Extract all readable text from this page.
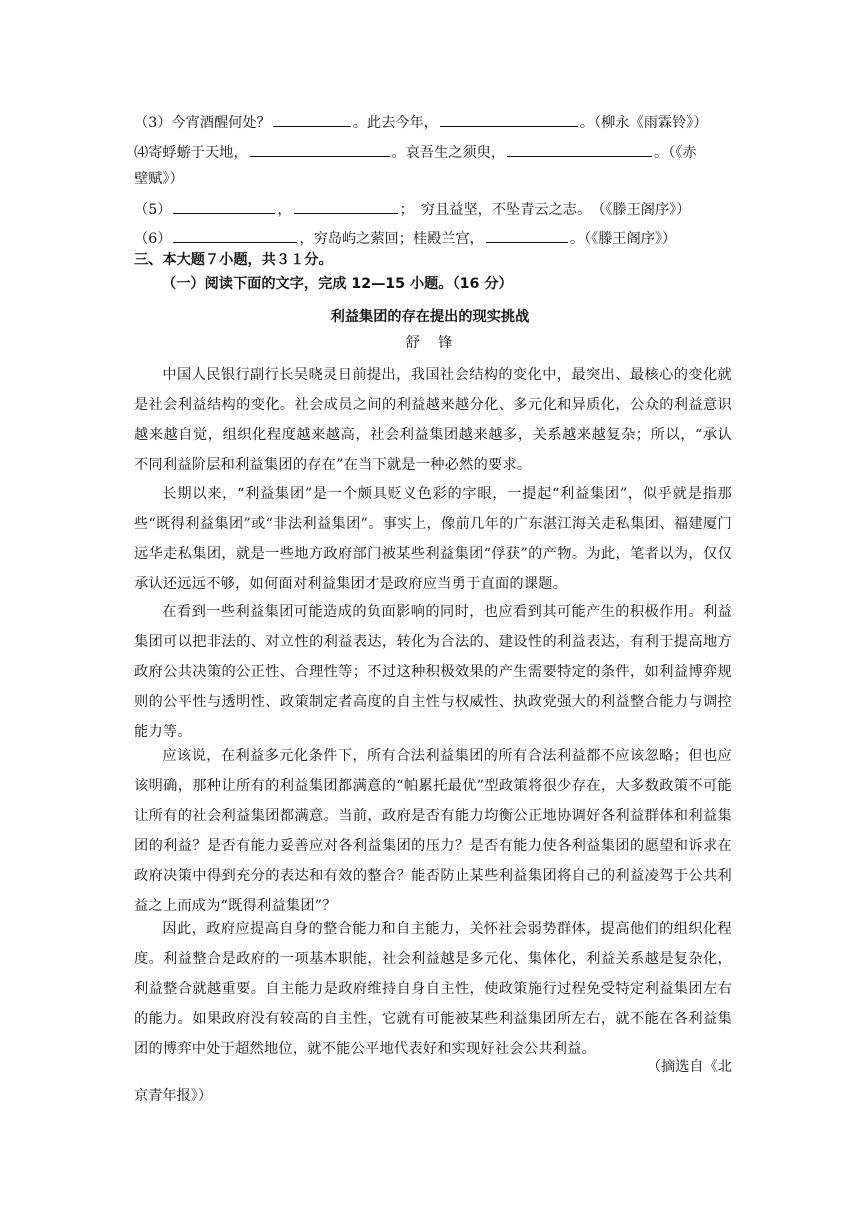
（3）今宵酒醒何处？	。此去今年，	。（柳永《雨霖铃》）
⑷寄蜉蝣于天地，	。哀吾生之须臾，	。（《赤
壁赋》）
（5）	，	；　穷且益坚，不坠青云之志。　（《滕王阁序》）
（6）	，穷岛屿之萦回；桂殿兰宫，	。（《滕王阁序》）
三、本大题７小题，共３１分。
（一）阅读下面的文字，完成 12—15 小题。（16 分）
利益集团的存在提出的现实挑战
舒　锋
中国人民银行副行长吴晓灵日前提出，我国社会结构的变化中，最突出、最核心的变化就是社会利益结构的变化。社会成员之间的利益越来越分化、多元化和异质化，公众的利益意识越来越自觉，组织化程度越来越高，社会利益集团越来越多，关系越来越复杂；所以，“承认不同利益阶层和利益集团的存在”在当下就是一种必然的要求。
长期以来，“利益集团”是一个颇具贬义色彩的字眼，一提起“利益集团”，似乎就是指那些“既得利益集团”或“非法利益集团”。事实上，像前几年的广东湛江海关走私集团、福建厦门远华走私集团，就是一些地方政府部门被某些利益集团“俘获”的产物。为此，笔者以为，仅仅承认还远远不够，如何面对利益集团才是政府应当勇于直面的课题。
在看到一些利益集团可能造成的负面影响的同时，也应看到其可能产生的积极作用。利益集团可以把非法的、对立性的利益表达，转化为合法的、建设性的利益表达，有利于提高地方政府公共决策的公正性、合理性等；不过这种积极效果的产生需要特定的条件，如利益博弈规则的公平性与透明性、政策制定者高度的自主性与权威性、执政党强大的利益整合能力与调控能力等。
应该说，在利益多元化条件下，所有合法利益集团的所有合法利益都不应该忽略；但也应该明确，那种让所有的利益集团都满意的“帕累托最优”型政策将很少存在，大多数政策不可能让所有的社会利益集团都满意。当前，政府是否有能力均衡公正地协调好各利益群体和利益集团的利益？是否有能力妥善应对各利益集团的压力？是否有能力使各利益集团的愿望和诉求在政府决策中得到充分的表达和有效的整合？能否防止某些利益集团将自己的利益凌驾于公共利益之上而成为“既得利益集团”？
因此，政府应提高自身的整合能力和自主能力，关怀社会弱势群体，提高他们的组织化程度。利益整合是政府的一项基本职能，社会利益越是多元化、集体化，利益关系越是复杂化，利益整合就越重要。自主能力是政府维持自身自主性，使政策施行过程免受特定利益集团左右的能力。如果政府没有较高的自主性，它就有可能被某些利益集团所左右，就不能在各利益集团的博弈中处于超然地位，就不能公平地代表好和实现好社会公共利益。
（摘选自《北
京青年报》）
